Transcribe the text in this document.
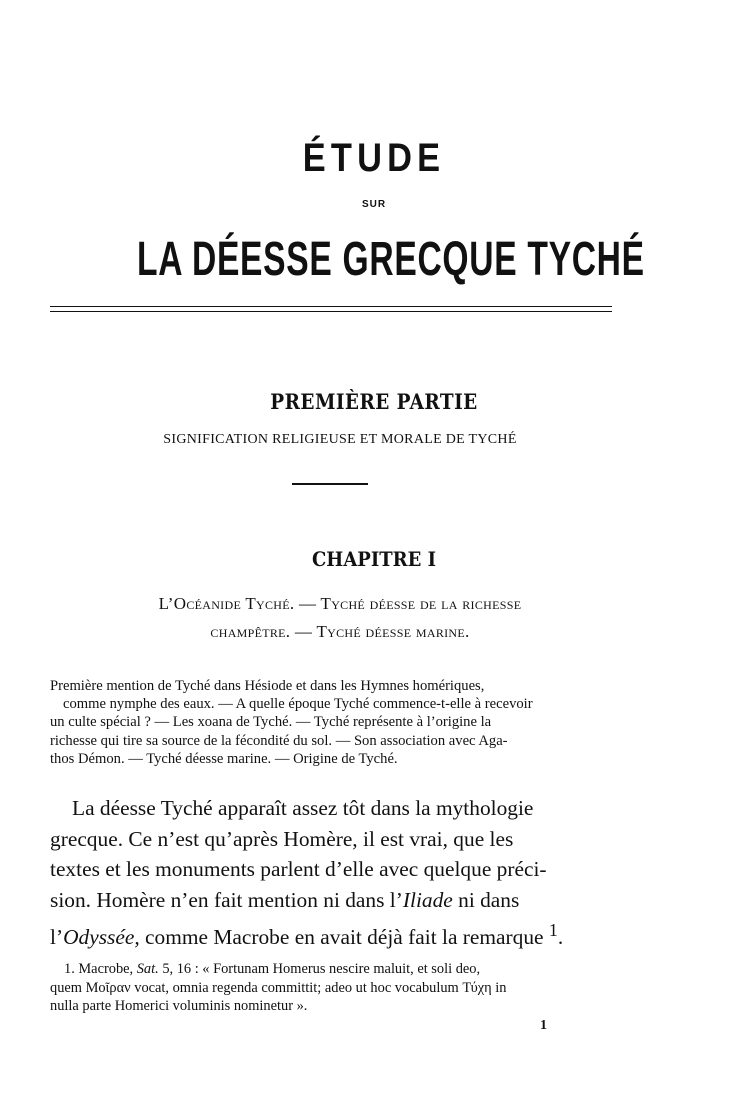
ÉTUDE
SUR
LA DÉESSE GRECQUE TYCHÉ
PREMIÈRE PARTIE
SIGNIFICATION RELIGIEUSE ET MORALE DE TYCHÉ
CHAPITRE I
L’Océanide Tyché. — Tyché déesse de la richesse
champêtre. — Tyché déesse marine.
Première mention de Tyché dans Hésiode et dans les Hymnes homériques,
comme nymphe des eaux. — A quelle époque Tyché commence-t-elle à recevoir
un culte spécial ? — Les xoana de Tyché. — Tyché représente à l’origine la
richesse qui tire sa source de la fécondité du sol. — Son association avec Aga-
thos Démon. — Tyché déesse marine. — Origine de Tyché.
La déesse Tyché apparaît assez tôt dans la mythologie
grecque. Ce n’est qu’après Homère, il est vrai, que les
textes et les monuments parlent d’elle avec quelque préci-
sion. Homère n’en fait mention ni dans l’Iliade ni dans
l’Odyssée, comme Macrobe en avait déjà fait la remarque $^1$.
1. Macrobe, Sat. 5, 16 : « Fortunam Homerus nescire maluit, et soli deo,
quem Μοῖραν vocat, omnia regenda committit; adeo ut hoc vocabulum Τύχη in
nulla parte Homerici voluminis nominetur ».
1
